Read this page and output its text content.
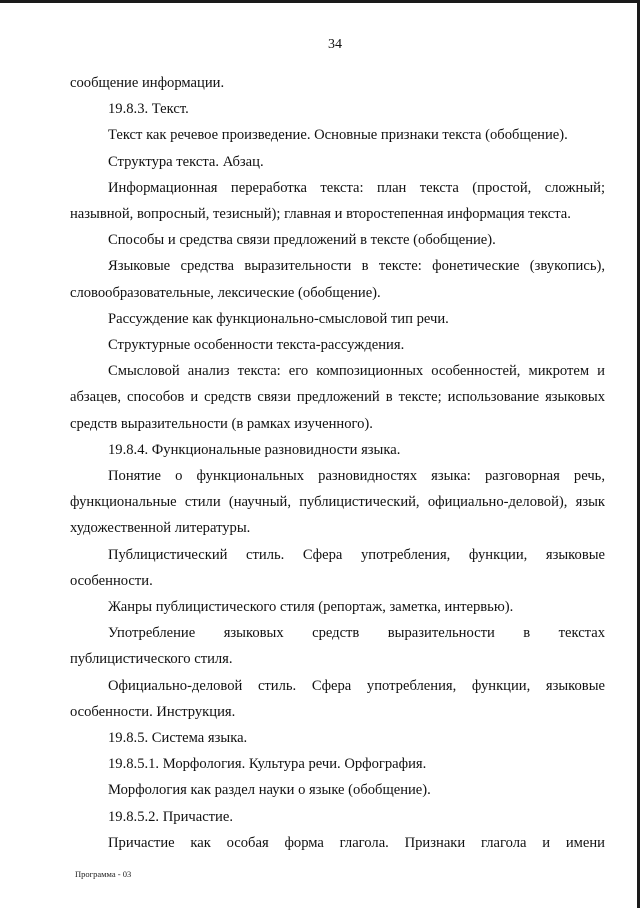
34

сообщение информации.

19.8.3. Текст.

Текст как речевое произведение. Основные признаки текста (обобщение).

Структура текста. Абзац.

Информационная переработка текста: план текста (простой, сложный; назывной, вопросный, тезисный); главная и второстепенная информация текста.

Способы и средства связи предложений в тексте (обобщение).

Языковые средства выразительности в тексте: фонетические (звукопись), словообразовательные, лексические (обобщение).

Рассуждение как функционально-смысловой тип речи.

Структурные особенности текста-рассуждения.

Смысловой анализ текста: его композиционных особенностей, микротем и абзацев, способов и средств связи предложений в тексте; использование языковых средств выразительности (в рамках изученного).

19.8.4. Функциональные разновидности языка.

Понятие о функциональных разновидностях языка: разговорная речь, функциональные стили (научный, публицистический, официально-деловой), язык художественной литературы.

Публицистический стиль. Сфера употребления, функции, языковые особенности.

Жанры публицистического стиля (репортаж, заметка, интервью).

Употребление языковых средств выразительности в текстах публицистического стиля.

Официально-деловой стиль. Сфера употребления, функции, языковые особенности. Инструкция.

19.8.5. Система языка.

19.8.5.1. Морфология. Культура речи. Орфография.

Морфология как раздел науки о языке (обобщение).

19.8.5.2. Причастие.

Причастие как особая форма глагола. Признаки глагола и имени

Программа - 03
